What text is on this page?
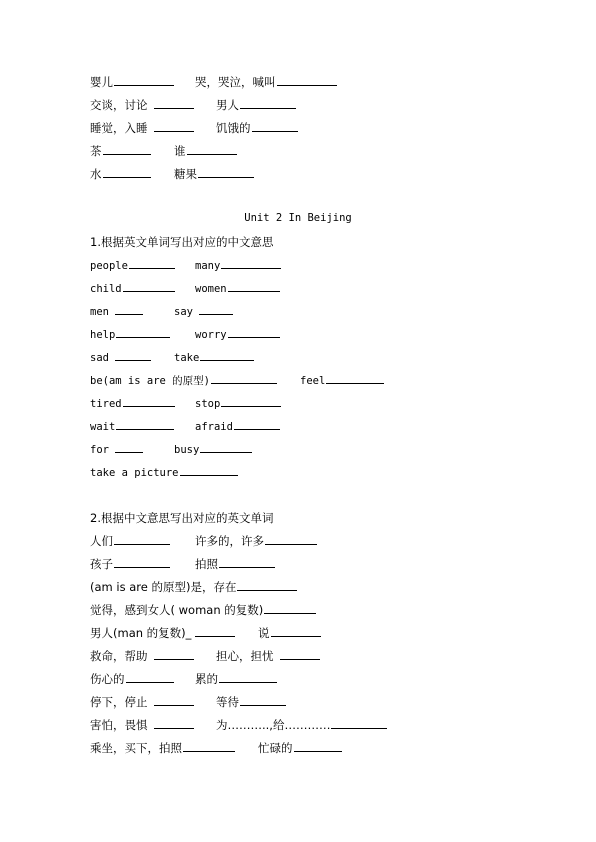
婴儿	哭，哭泣，喊叫
交谈，讨论	男人
睡觉，入睡	饥饿的
茶	谁
水	糖果
Unit 2 In Beijing
1.根据英文单词写出对应的中文意思
people	many
child	women
men	say
help	worry
sad	take
be(am is are 的原型)	feel
tired	stop
wait	afraid
for	busy
take a picture
2.根据中文意思写出对应的英文单词
人们	许多的，许多
孩子	拍照
(am is are 的原型)是，存在
觉得，感到女人( woman 的复数)
男人(man 的复数)_	说
救命，帮助	担心，担忧
伤心的	累的
停下，停止	等待
害怕，畏惧	为………..,给…………
乘坐，买下，拍照	忙碌的
